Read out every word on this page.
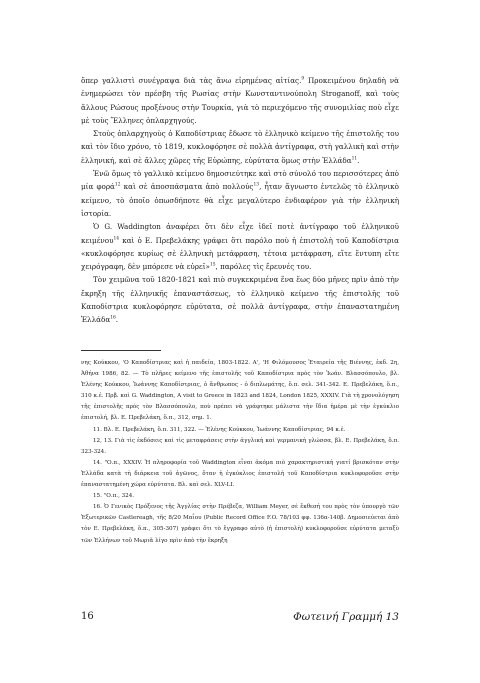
ὅπερ γαλλιστὶ συνέγραψα διὰ τὰς ἄνω εἰρημένας αἰτίας.$^9$ Προκειμένου δηλαδὴ νὰ ἐνημερώσει τὸν πρέσβη τῆς Ρωσίας στὴν Κωνσταντινούπολη Stroganoff, καὶ τοὺς ἄλλους Ρώσους προξένους στὴν Τουρκία, γιὰ τὸ περιεχόμενο τῆς συνομιλίας ποὺ εἶχε μὲ τοὺς Ἕλληνες ὁπλαρχηγούς.

Στοὺς ὁπλαρχηγοὺς ὁ Καποδίστριας ἔδωσε τὸ ἑλληνικὸ κείμενο τῆς ἐπιστολῆς του καὶ τὸν ἴδιο χρόνο, τὸ 1819, κυκλοφόρησε σὲ πολλὰ ἀντίγραφα, στὴ γαλλικὴ καὶ στὴν ἑλληνική, καὶ σὲ ἄλλες χῶρες τῆς Εὐρώπης, εὐρύτατα ὅμως στὴν Ἑλλάδα$^{11}$.

Ἐνῶ ὅμως τὸ γαλλικὸ κείμενο δημοσιεύτηκε καὶ στὸ σύνολό του περισσότερες ἀπὸ μία φορά$^{12}$ καὶ σὲ ἀποσπάσματα ἀπὸ πολλούς$^{13}$, ἦταν ἄγνωστο ἐντελῶς τὸ ἑλληνικὸ κείμενο, τὸ ὁποῖο ὁπωσδήποτε θὰ εἶχε μεγαλύτερο ἐνδιαφέρον γιὰ τὴν ἑλληνικὴ ἱστορία.

Ὁ G. Waddington ἀναφέρει ὅτι δὲν εἶχε ἰδεῖ ποτὲ ἀντίγραφο τοῦ ἑλληνικοῦ κειμένου$^{14}$ καὶ ὁ Ε. Πρεβελάκης γράφει ὅτι παρόλο ποὺ ἡ ἐπιστολὴ τοῦ Καποδίστρια «κυκλοφόρησε κυρίως σὲ ἑλληνικὴ μετάφραση, τέτοια μετάφραση, εἴτε ἔντυπη εἴτε χειρόγραφη, δὲν μπόρεσε νὰ εὑρεῖ»$^{15}$, παρόλες τὶς ἔρευνές του.

Τὸν χειμῶνα τοῦ 1820-1821 καὶ πιὸ συγκεκριμένα ἕνα ἕως δύο μῆνες πρὶν ἀπὸ τὴν ἔκρηξη τῆς ἑλληνικῆς ἐπαναστάσεως, τὸ ἑλληνικὸ κείμενο τῆς ἐπιστολῆς τοῦ Καποδίστρια κυκλοφόρησε εὐρύτατα, σὲ πολλὰ ἀντίγραφα, στὴν ἐπαναστατημένη Ἑλλάδα$^{16}$.

νης Κούκκου, 'Ο Καποδίστριας καὶ ἡ παιδεία, 1803-1822. Α', 'Η Φιλόμουσος Ἑταιρεία τῆς Βιέννης, ἐκδ. 2η, Ἀθήνα 1986, 82. — Τὸ πλῆρες κείμενο τῆς ἐπιστολῆς τοῦ Καποδίστρια πρὸς τὸν Ἰωάν. Βλασσόπουλο, βλ. Ἑλένης Κούκκου, Ἰωάννης Καποδίστριας, ὁ ἄνθρωπος - ὁ διπλωμάτης, ὅ.π. σελ. 341-342. Ε. Πρεβελάκη, ὅ.π., 310 κ.ἑ. Πρβ. καὶ G. Waddington, A visit to Greece in 1823 and 1824, London 1825, XXXIV. Γιὰ τὴ χρονολόγηση τῆς ἐπιστολῆς πρὸς τὸν Βλασσόπουλο, ποὺ πρέπει νὰ γράφτηκε μάλιστα τὴν ἴδια ἡμέρα μὲ τὴν ἐγκύκλιο ἐπιστολή, βλ. Ε. Πρεβελάκη, ὅ.π., 312, σημ. 1.

11. Βλ. Ε. Πρεβελάκη, ὅ.π. 311, 322. — Ἑλένης Κούκκου, Ἰωάννης Καποδίστριας, 94 κ.ἑ.

12, 13. Γιὰ τὶς ἐκδόσεις καὶ τὶς μεταφράσεις στὴν ἀγγλικὴ καὶ γερμανικὴ γλώσσα, βλ. Ε. Πρεβελάκη, ὅ.π. 323-324.

14. "Ο.π., XXXIV. Ἡ πληροφορία τοῦ Waddington εἶναι ἀκόμα πιὸ χαρακτηριστικὴ γιατί βρισκόταν στὴν Ἑλλάδα κατὰ τὴ διάρκεια τοῦ ἀγῶνος, ὅταν ἡ ἐγκύκλιος ἐπιστολὴ τοῦ Καποδίστρια κυκλοφοροῦσε στὴν ἐπαναστατημένη χώρα εὐρύτατα. Βλ. καὶ σελ. XLV-LI.

15. "Ο.π., 324.

16. Ὁ Γενικὸς Πρόξενος τῆς Ἀγγλίας στὴν Πρέβεζα, William Meyer, σὲ ἔκθεσή του πρὸς τὸν ὑπουργὸ τῶν Ἐξωτερικῶν Castlereagh, τῆς 8/20 Μαΐου (Public Record Office F.O. 78/103 φφ. 136α-140β. Δημοσιεύεται ἀπὸ τὸν Ε. Πρεβελάκη, ὅ.π., 305-307) γράφει ὅτι τὸ ἔγγραφο αὐτὸ (ἡ ἐπιστολὴ) κυκλοφοροῦσε εὐρύτατα μεταξὺ τῶν Ἑλλήνων τοῦ Μωριᾶ λίγο πρὶν ἀπὸ τὴν ἔκρηξη

16	Φωτεινή Γραμμή 13
